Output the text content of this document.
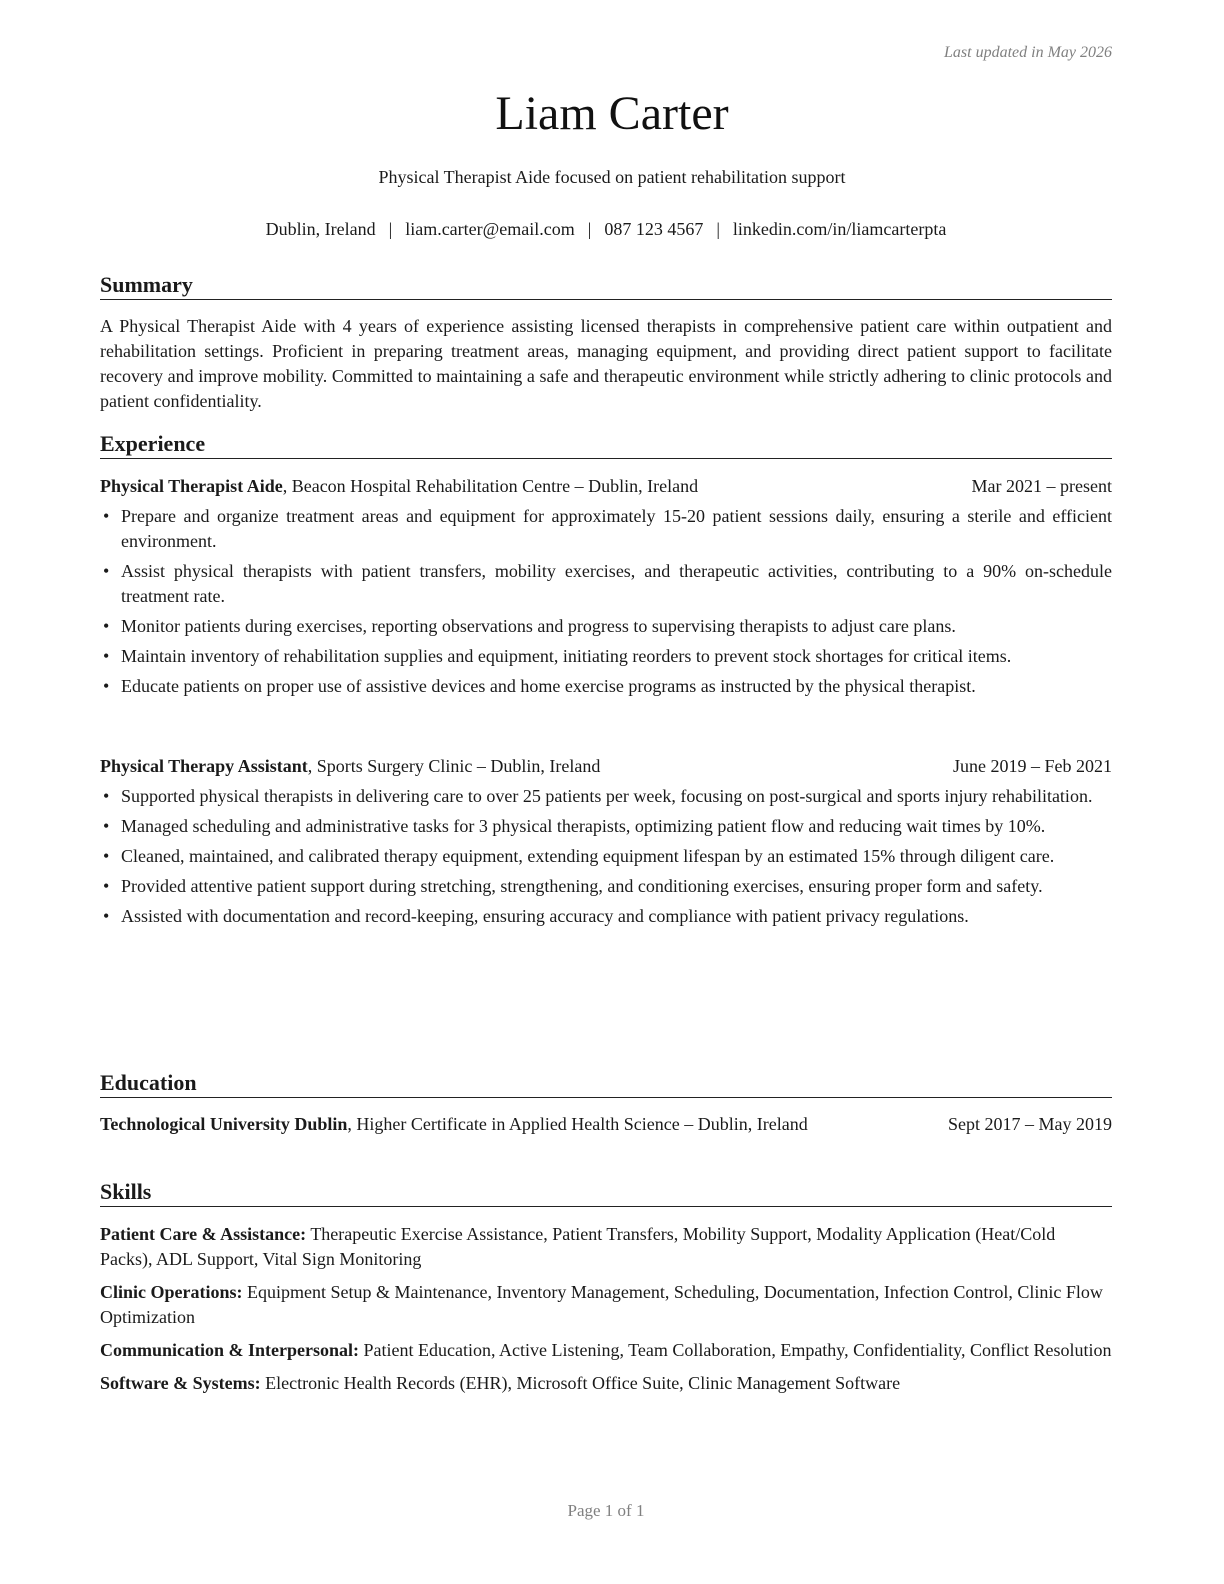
Last updated in May 2026
Liam Carter
Physical Therapist Aide focused on patient rehabilitation support
Dublin, Ireland | liam.carter@email.com | 087 123 4567 | linkedin.com/in/liamcarterpta
Summary
A Physical Therapist Aide with 4 years of experience assisting licensed therapists in comprehensive patient care within outpatient and rehabilitation settings. Proficient in preparing treatment areas, managing equipment, and providing direct patient support to facilitate recovery and improve mobility. Committed to maintaining a safe and therapeutic environment while strictly adhering to clinic protocols and patient confidentiality.
Experience
Physical Therapist Aide, Beacon Hospital Rehabilitation Centre – Dublin, Ireland	Mar 2021 – present
• Prepare and organize treatment areas and equipment for approximately 15-20 patient sessions daily, ensuring a sterile and efficient environment.
• Assist physical therapists with patient transfers, mobility exercises, and therapeutic activities, contributing to a 90% on-schedule treatment rate.
• Monitor patients during exercises, reporting observations and progress to supervising therapists to adjust care plans.
• Maintain inventory of rehabilitation supplies and equipment, initiating reorders to prevent stock shortages for critical items.
• Educate patients on proper use of assistive devices and home exercise programs as instructed by the physical therapist.
Physical Therapy Assistant, Sports Surgery Clinic – Dublin, Ireland	June 2019 – Feb 2021
• Supported physical therapists in delivering care to over 25 patients per week, focusing on post-surgical and sports injury rehabilitation.
• Managed scheduling and administrative tasks for 3 physical therapists, optimizing patient flow and reducing wait times by 10%.
• Cleaned, maintained, and calibrated therapy equipment, extending equipment lifespan by an estimated 15% through diligent care.
• Provided attentive patient support during stretching, strengthening, and conditioning exercises, ensuring proper form and safety.
• Assisted with documentation and record-keeping, ensuring accuracy and compliance with patient privacy regulations.
Education
Technological University Dublin, Higher Certificate in Applied Health Science – Dublin, Ireland	Sept 2017 – May 2019
Skills
Patient Care & Assistance: Therapeutic Exercise Assistance, Patient Transfers, Mobility Support, Modality Application (Heat/Cold Packs), ADL Support, Vital Sign Monitoring
Clinic Operations: Equipment Setup & Maintenance, Inventory Management, Scheduling, Documentation, Infection Control, Clinic Flow Optimization
Communication & Interpersonal: Patient Education, Active Listening, Team Collaboration, Empathy, Confidentiality, Conflict Resolution
Software & Systems: Electronic Health Records (EHR), Microsoft Office Suite, Clinic Management Software
Page 1 of 1
